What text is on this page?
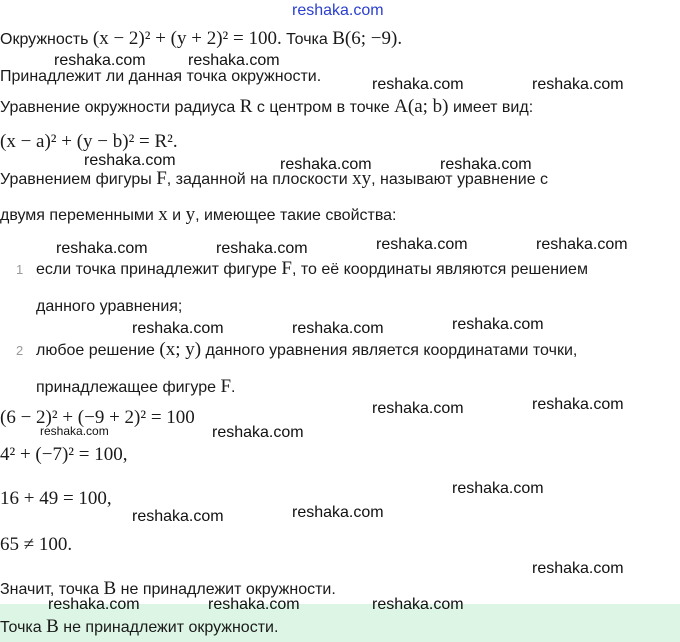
Окружность (x − 2)² + (y + 2)² = 100. Точка B(6; −9).
Принадлежит ли данная точка окружности.
Уравнение окружности радиуса R с центром в точке A(a; b) имеет вид:
(x − a)² + (y − b)² = R².
Уравнением фигуры F, заданной на плоскости xy, называют уравнение с
двумя переменными x и y, имеющее такие свойства:
1 если точка принадлежит фигуре F, то её координаты являются решением
данного уравнения;
2 любое решение (x; y) данного уравнения является координатами точки,
принадлежащее фигуре F.
(6 − 2)² + (−9 + 2)² = 100
4² + (−7)² = 100,
16 + 49 = 100,
65 ≠ 100.
Значит, точка B не принадлежит окружности.
Точка B не принадлежит окружности.
reshaka.com
reshaka.com	reshaka.com
reshaka.com	reshaka.com
reshaka.com	reshaka.com	reshaka.com
reshaka.com	reshaka.com	reshaka.com	reshaka.com
reshaka.com	reshaka.com	reshaka.com
reshaka.com	reshaka.com
reshaka.com	reshaka.com
reshaka.com
reshaka.com	reshaka.com
reshaka.com
reshaka.com	reshaka.com	reshaka.com
